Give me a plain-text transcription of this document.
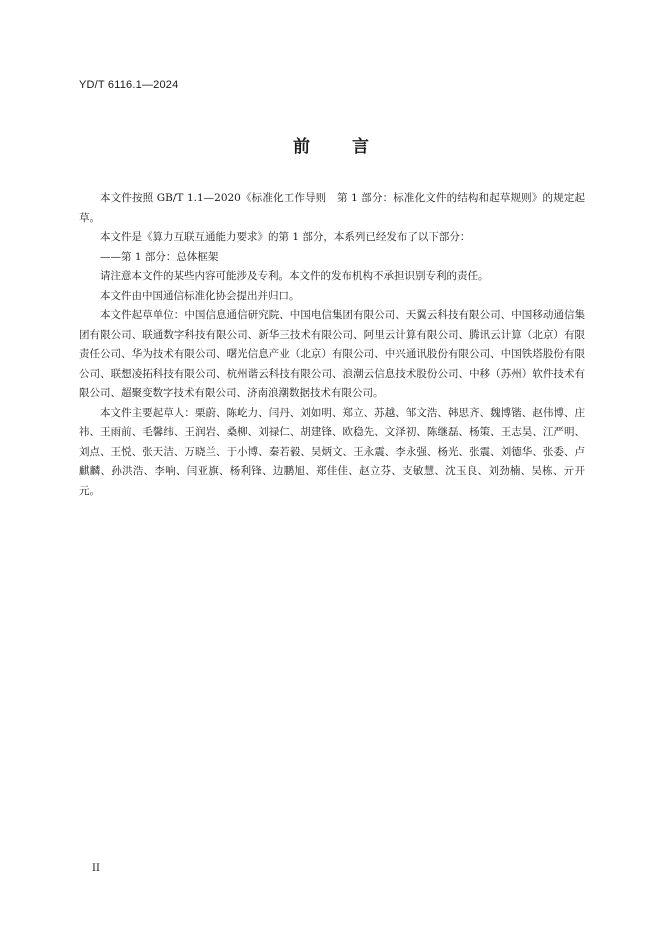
YD/T 6116.1—2024
前言

本文件按照 GB/T 1.1—2020《标准化工作导则　第 1 部分：标准化文件的结构和起草规则》的规定起草。

本文件是《算力互联互通能力要求》的第 1 部分，本系列已经发布了以下部分：

——第 1 部分：总体框架

请注意本文件的某些内容可能涉及专利。本文件的发布机构不承担识别专利的责任。

本文件由中国通信标准化协会提出并归口。

本文件起草单位：中国信息通信研究院、中国电信集团有限公司、天翼云科技有限公司、中国移动通信集团有限公司、联通数字科技有限公司、新华三技术有限公司、阿里云计算有限公司、腾讯云计算（北京）有限责任公司、华为技术有限公司、曙光信息产业（北京）有限公司、中兴通讯股份有限公司、中国铁塔股份有限公司、联想凌拓科技有限公司、杭州谐云科技有限公司、浪潮云信息技术股份公司、中移（苏州）软件技术有限公司、超聚变数字技术有限公司、济南浪潮数据技术有限公司。

本文件主要起草人：栗蔚、陈屹力、闫丹、刘如明、郑立、苏越、邹文浩、韩思齐、魏博锴、赵伟博、庄祎、王雨前、毛馨纬、王润岩、桑柳、刘禄仁、胡建锋、欧稳先、文泽初、陈继磊、杨策、王志昊、江严明、刘点、王悦、张天洁、万晓兰、于小博、秦若毅、吴炳文、王永震、李永强、杨光、张震、刘德华、张委、卢麒麟、孙洪浩、李响、闫亚旗、杨利锋、边鹏旭、郑佳佳、赵立芬、支敏慧、沈玉良、刘劲楠、吴栋、亓开元。

II
